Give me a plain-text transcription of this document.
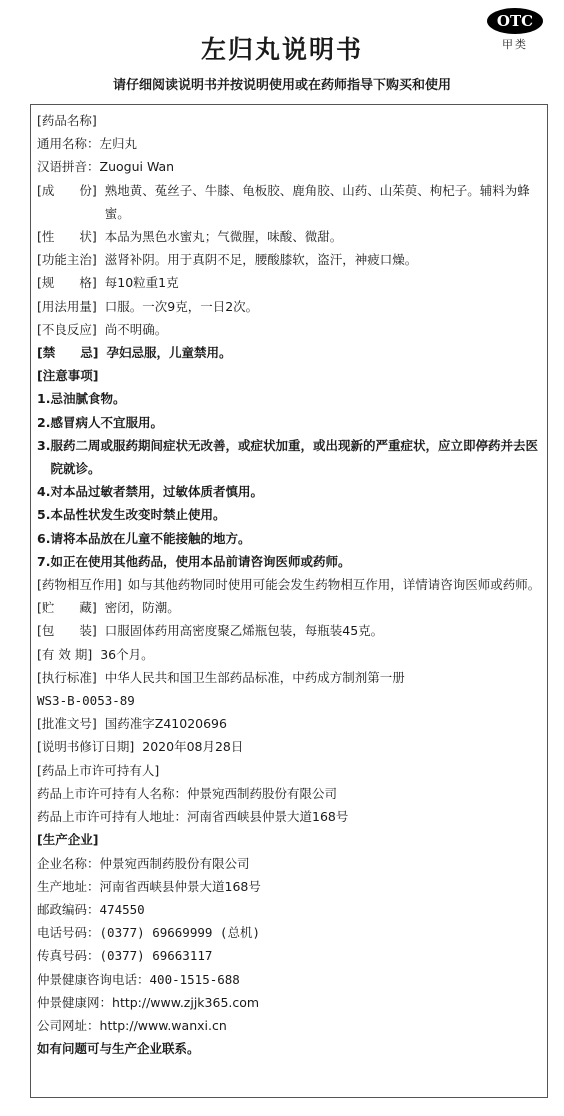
左归丸说明书
OTC
甲类
请仔细阅读说明书并按说明使用或在药师指导下购买和使用
[药品名称]
通用名称： 左归丸
汉语拼音： Zuogui Wan
[成　　份] 熟地黄、菟丝子、牛膝、龟板胶、鹿角胶、山药、山茱萸、枸杞子。辅料为蜂蜜。
[性　　状] 本品为黑色水蜜丸；气微腥，味酸、微甜。
[功能主治] 滋肾补阴。用于真阴不足，腰酸膝软，盗汗，神疲口燥。
[规　　格] 每10粒重1克
[用法用量] 口服。一次9克，一日2次。
[不良反应] 尚不明确。
[禁　　忌] 孕妇忌服，儿童禁用。
[注意事项]
1. 忌油腻食物。
2. 感冒病人不宜服用。
3. 服药二周或服药期间症状无改善，或症状加重，或出现新的严重症状，应立即停药并去医院就诊。
4. 对本品过敏者禁用，过敏体质者慎用。
5. 本品性状发生改变时禁止使用。
6. 请将本品放在儿童不能接触的地方。
7. 如正在使用其他药品，使用本品前请咨询医师或药师。
[药物相互作用] 如与其他药物同时使用可能会发生药物相互作用，详情请咨询医师或药师。
[贮　　藏] 密闭，防潮。
[包　　装] 口服固体药用高密度聚乙烯瓶包装，每瓶装45克。
[有 效 期] 36个月。
[执行标准] 中华人民共和国卫生部药品标准，中药成方制剂第一册
WS3-B-0053-89
[批准文号] 国药准字Z41020696
[说明书修订日期] 2020年08月28日
[药品上市许可持有人]
药品上市许可持有人名称： 仲景宛西制药股份有限公司
药品上市许可持有人地址： 河南省西峡县仲景大道168号
[生产企业]
企业名称： 仲景宛西制药股份有限公司
生产地址： 河南省西峡县仲景大道168号
邮政编码： 474550
电话号码： (0377) 69669999 (总机)
传真号码： (0377) 69663117
仲景健康咨询电话： 400-1515-688
仲景健康网： http://www.zjjk365.com
公司网址： http://www.wanxi.cn
如有问题可与生产企业联系。
